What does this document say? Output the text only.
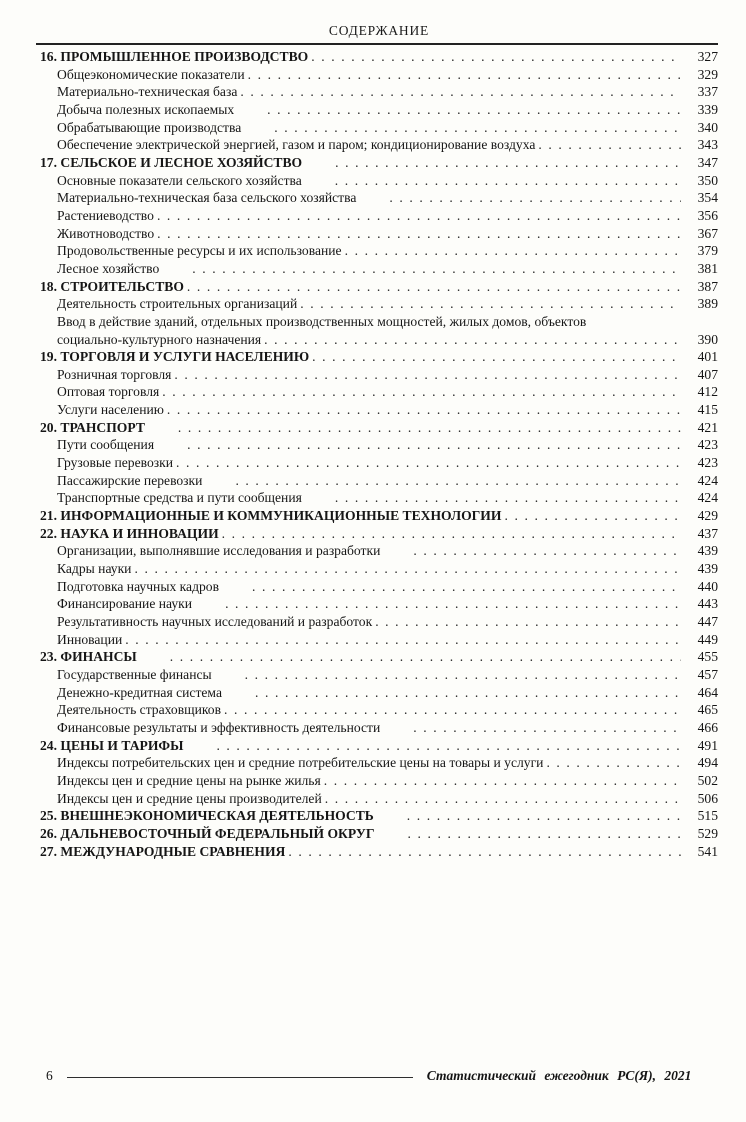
СОДЕРЖАНИЕ
16. ПРОМЫШЛЕННОЕ ПРОИЗВОДСТВО . . .	327
Общеэкономические показатели . . .	329
Материально-техническая база . . .	337
Добыча полезных ископаемых . . .	339
Обрабатывающие производства . . .	340
Обеспечение электрической энергией, газом и паром; кондиционирование воздуха . . .	343
17. СЕЛЬСКОЕ И ЛЕСНОЕ ХОЗЯЙСТВО . . .	347
Основные показатели сельского хозяйства . . .	350
Материально-техническая база сельского хозяйства . . .	354
Растениеводство . . .	356
Животноводство . . .	367
Продовольственные ресурсы и их использование . . .	379
Лесное хозяйство . . .	381
18. СТРОИТЕЛЬСТВО . . .	387
Деятельность строительных организаций . . .	389
Ввод в действие зданий, отдельных производственных мощностей, жилых домов, объектов
социально-культурного назначения . . .	390
19. ТОРГОВЛЯ И УСЛУГИ НАСЕЛЕНИЮ . . .	401
Розничная торговля . . .	407
Оптовая торговля . . .	412
Услуги населению . . .	415
20. ТРАНСПОРТ . . .	421
Пути сообщения . . .	423
Грузовые перевозки . . .	423
Пассажирские перевозки . . .	424
Транспортные средства и пути сообщения . . .	424
21. ИНФОРМАЦИОННЫЕ И КОММУНИКАЦИОННЫЕ ТЕХНОЛОГИИ . . .	429
22. НАУКА И ИННОВАЦИИ . . .	437
Организации, выполнявшие исследования и разработки . . .	439
Кадры науки . . .	439
Подготовка научных кадров . . .	440
Финансирование науки . . .	443
Результативность научных исследований и разработок . . .	447
Инновации . . .	449
23. ФИНАНСЫ . . .	455
Государственные финансы . . .	457
Денежно-кредитная система . . .	464
Деятельность страховщиков . . .	465
Финансовые результаты и эффективность деятельности . . .	466
24. ЦЕНЫ И ТАРИФЫ . . .	491
Индексы потребительских цен и средние потребительские цены на товары и услуги . . .	494
Индексы цен и средние цены на рынке жилья . . .	502
Индексы цен и средние цены производителей . . .	506
25. ВНЕШНЕЭКОНОМИЧЕСКАЯ ДЕЯТЕЛЬНОСТЬ . . .	515
26. ДАЛЬНЕВОСТОЧНЫЙ ФЕДЕРАЛЬНЫЙ ОКРУГ . . .	529
27. МЕЖДУНАРОДНЫЕ СРАВНЕНИЯ . . .	541
6	Статистический ежегодник РС(Я), 2021
